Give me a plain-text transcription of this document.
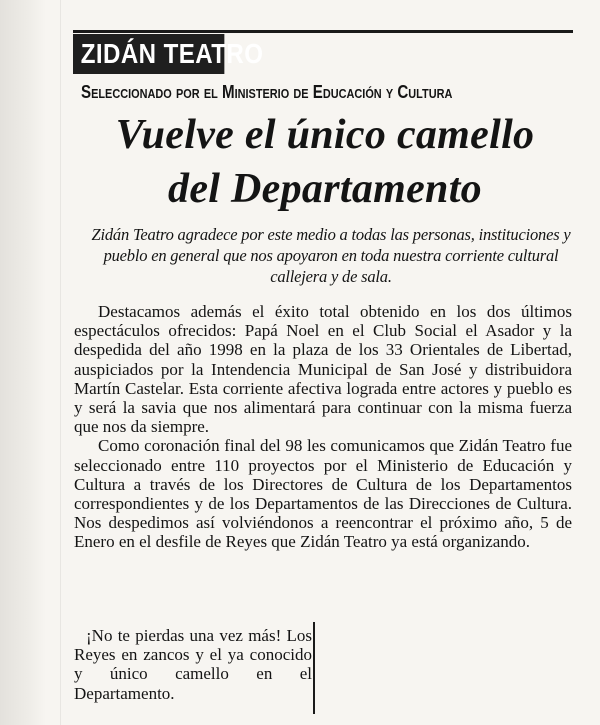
ZIDÁN TEATRO
Seleccionado por el Ministerio de Educación y Cultura
Vuelve el único camello
del Departamento
Zidán Teatro agradece por este medio a todas las personas, instituciones y pueblo en general que nos apoyaron en toda nuestra corriente cultural callejera y de sala.

Destacamos además el éxito total obtenido en los dos últimos espectáculos ofrecidos: Papá Noel en el Club Social el Asador y la despedida del año 1998 en la plaza de los 33 Orientales de Libertad, auspiciados por la Intendencia Municipal de San José y distribuidora Martín Castelar. Esta corriente afectiva lograda entre actores y pueblo es y será la savia que nos alimentará para continuar con la misma fuerza que nos da siempre.

Como coronación final del 98 les comunicamos que Zidán Teatro fue seleccionado entre 110 proyectos por el Ministerio de Educación y Cultura a través de los Directores de Cultura de los Departamentos correspondientes y de los Departamentos de las Direcciones de Cultura. Nos despedimos así volviéndonos a reencontrar el próximo año, 5 de Enero en el desfile de Reyes que Zidán Teatro ya está organizando.

¡No te pierdas una vez más! Los Reyes en zancos y el ya conocido y único camello en el Departamento.
